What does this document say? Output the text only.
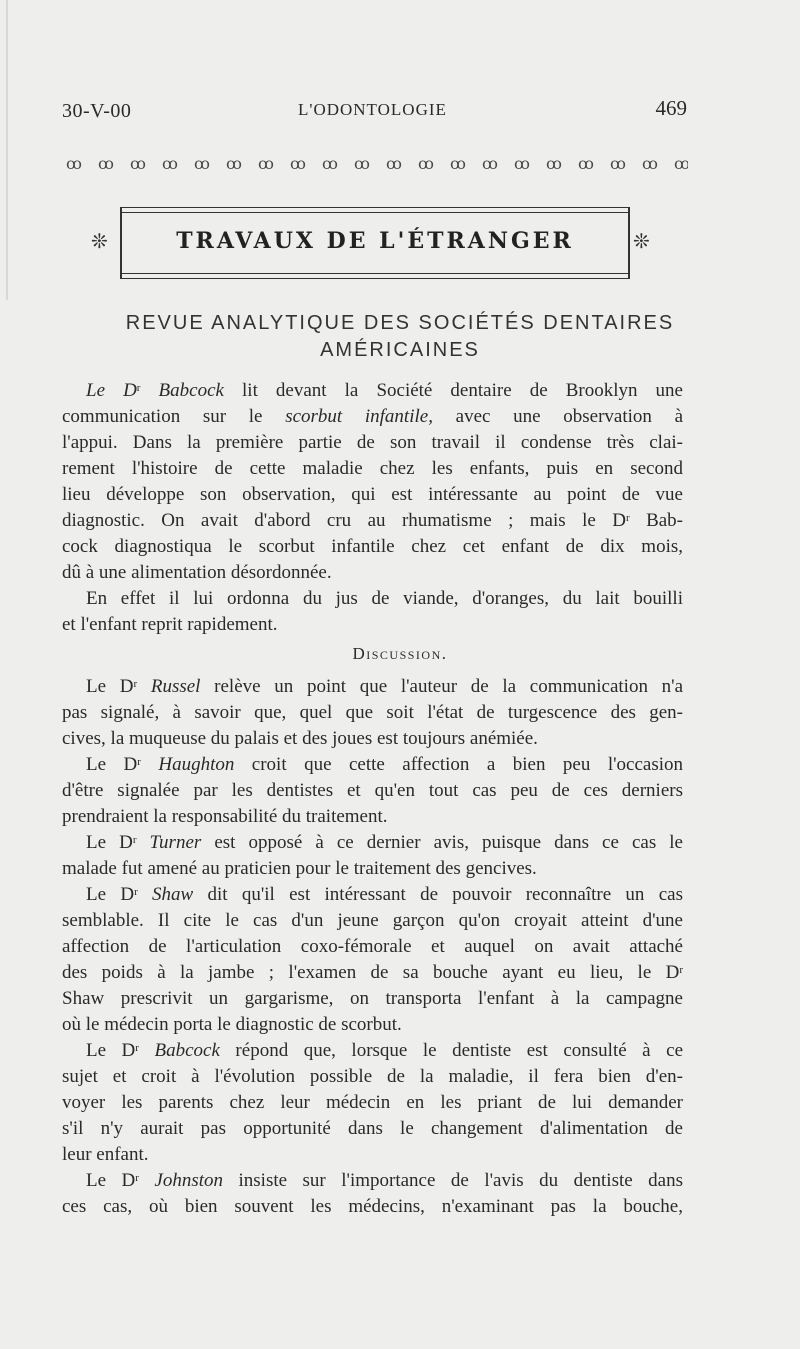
30-V-00	L'ODONTOLOGIE	469
ꝏ ꝏ ꝏ ꝏ ꝏ ꝏ ꝏ ꝏ ꝏ ꝏ ꝏ ꝏ ꝏ ꝏ ꝏ ꝏ ꝏ ꝏ ꝏ ꝏ
❊	TRAVAUX DE L'ÉTRANGER	❊
REVUE ANALYTIQUE DES SOCIÉTÉS DENTAIRES
AMÉRICAINES
Le $D^r$ Babcock lit devant la Société dentaire de Brooklyn une
communication sur le scorbut infantile, avec une observation à
l'appui. Dans la première partie de son travail il condense très clai-
rement l'histoire de cette maladie chez les enfants, puis en second
lieu développe son observation, qui est intéressante au point de vue
diagnostic. On avait d'abord cru au rhumatisme ; mais le $D^r$ Bab-
cock diagnostiqua le scorbut infantile chez cet enfant de dix mois,
dû à une alimentation désordonnée.
En effet il lui ordonna du jus de viande, d'oranges, du lait bouilli
et l'enfant reprit rapidement.
Discussion.
Le $D^r$ Russel relève un point que l'auteur de la communication n'a
pas signalé, à savoir que, quel que soit l'état de turgescence des gen-
cives, la muqueuse du palais et des joues est toujours anémiée.
Le $D^r$ Haughton croit que cette affection a bien peu l'occasion
d'être signalée par les dentistes et qu'en tout cas peu de ces derniers
prendraient la responsabilité du traitement.
Le $D^r$ Turner est opposé à ce dernier avis, puisque dans ce cas le
malade fut amené au praticien pour le traitement des gencives.
Le $D^r$ Shaw dit qu'il est intéressant de pouvoir reconnaître un cas
semblable. Il cite le cas d'un jeune garçon qu'on croyait atteint d'une
affection de l'articulation coxo-fémorale et auquel on avait attaché
des poids à la jambe ; l'examen de sa bouche ayant eu lieu, le $D^r$
Shaw prescrivit un gargarisme, on transporta l'enfant à la campagne
où le médecin porta le diagnostic de scorbut.
Le $D^r$ Babcock répond que, lorsque le dentiste est consulté à ce
sujet et croit à l'évolution possible de la maladie, il fera bien d'en-
voyer les parents chez leur médecin en les priant de lui demander
s'il n'y aurait pas opportunité dans le changement d'alimentation de
leur enfant.
Le $D^r$ Johnston insiste sur l'importance de l'avis du dentiste dans
ces cas, où bien souvent les médecins, n'examinant pas la bouche,
